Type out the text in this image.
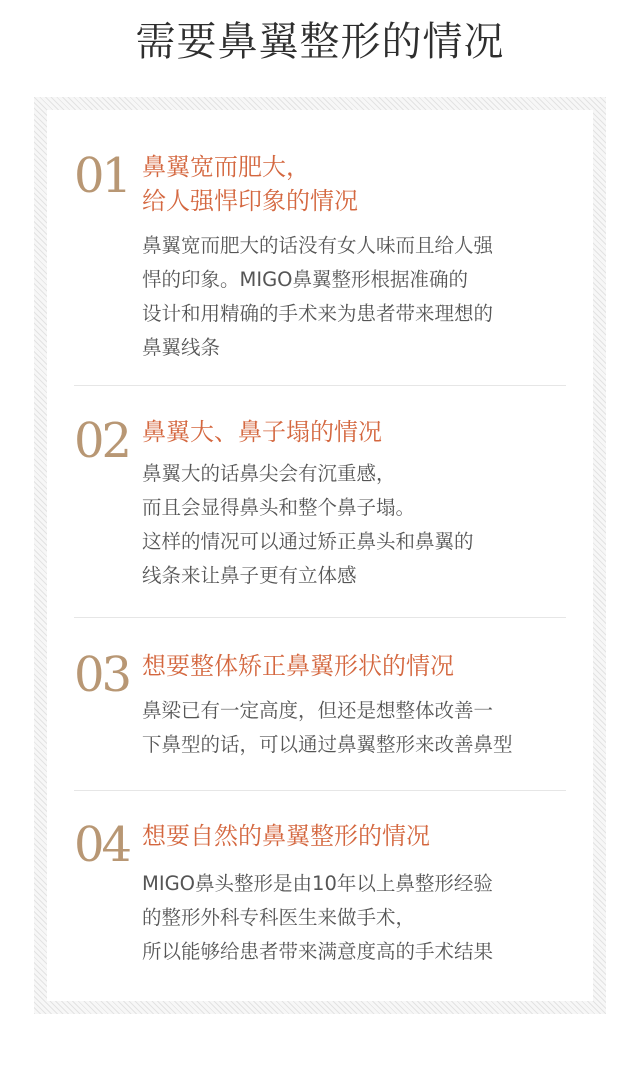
需要鼻翼整形的情况
01 鼻翼宽而肥大，
给人强悍印象的情况
鼻翼宽而肥大的话没有女人味而且给人强
悍的印象。MIGO鼻翼整形根据准确的
设计和用精确的手术来为患者带来理想的
鼻翼线条
02 鼻翼大、鼻子塌的情况
鼻翼大的话鼻尖会有沉重感，
而且会显得鼻头和整个鼻子塌。
这样的情况可以通过矫正鼻头和鼻翼的
线条来让鼻子更有立体感
03 想要整体矫正鼻翼形状的情况
鼻梁已有一定高度，但还是想整体改善一
下鼻型的话，可以通过鼻翼整形来改善鼻型
04 想要自然的鼻翼整形的情况
MIGO鼻头整形是由10年以上鼻整形经验
的整形外科专科医生来做手术，
所以能够给患者带来满意度高的手术结果
